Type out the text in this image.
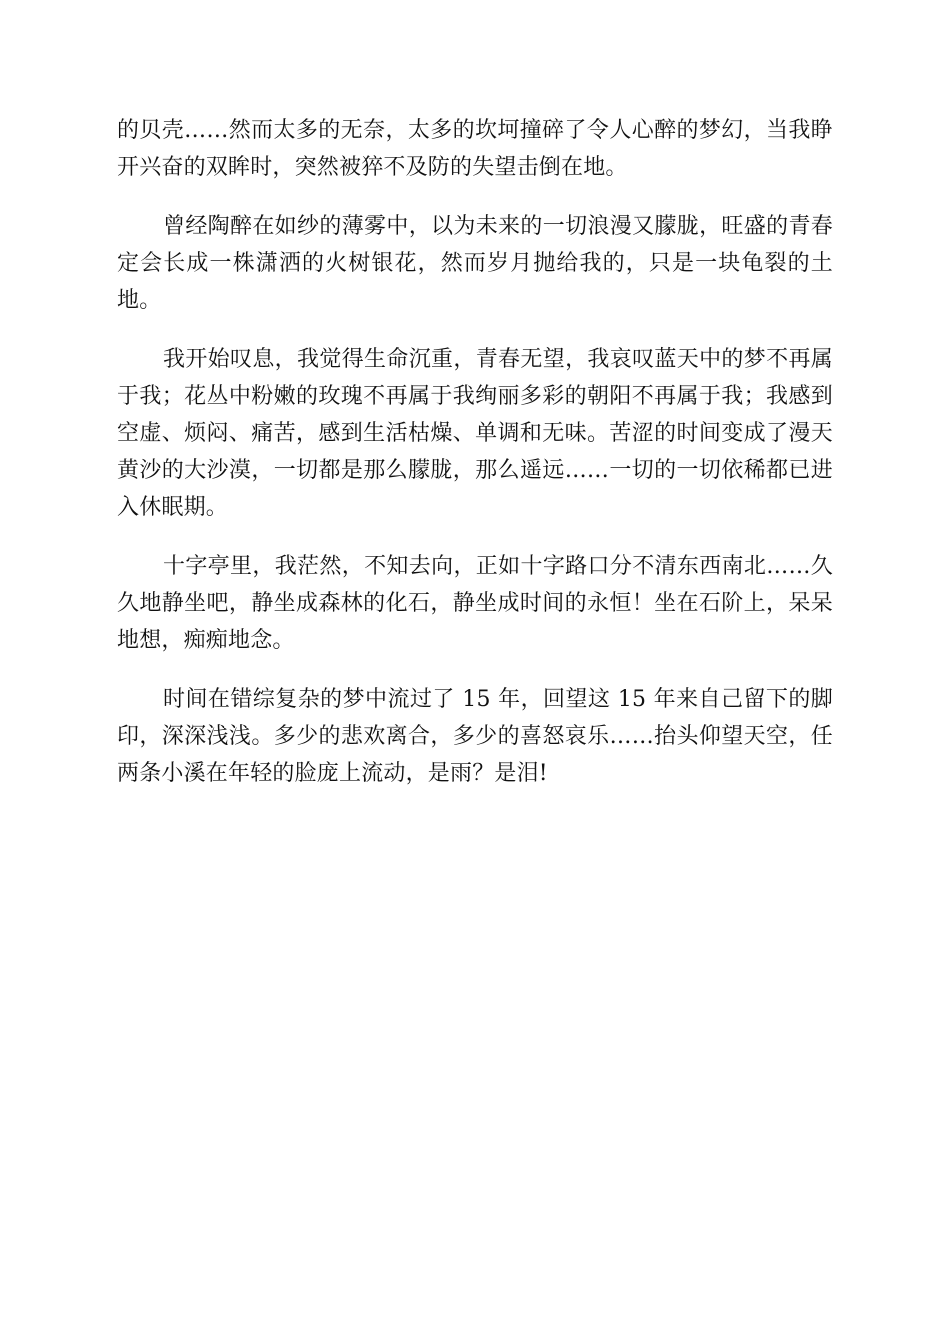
的贝壳……然而太多的无奈，太多的坎坷撞碎了令人心醉的梦幻，当我睁开兴奋的双眸时，突然被猝不及防的失望击倒在地。

曾经陶醉在如纱的薄雾中，以为未来的一切浪漫又朦胧，旺盛的青春定会长成一株潇洒的火树银花，然而岁月抛给我的，只是一块龟裂的土地。

我开始叹息，我觉得生命沉重，青春无望，我哀叹蓝天中的梦不再属于我；花丛中粉嫩的玫瑰不再属于我绚丽多彩的朝阳不再属于我；我感到空虚、烦闷、痛苦，感到生活枯燥、单调和无味。苦涩的时间变成了漫天黄沙的大沙漠，一切都是那么朦胧，那么遥远……一切的一切依稀都已进入休眠期。

十字亭里，我茫然，不知去向，正如十字路口分不清东西南北……久久地静坐吧，静坐成森林的化石，静坐成时间的永恒！坐在石阶上，呆呆地想，痴痴地念。

时间在错综复杂的梦中流过了 15 年，回望这 15 年来自己留下的脚印，深深浅浅。多少的悲欢离合，多少的喜怒哀乐……抬头仰望天空，任两条小溪在年轻的脸庞上流动，是雨？是泪!
